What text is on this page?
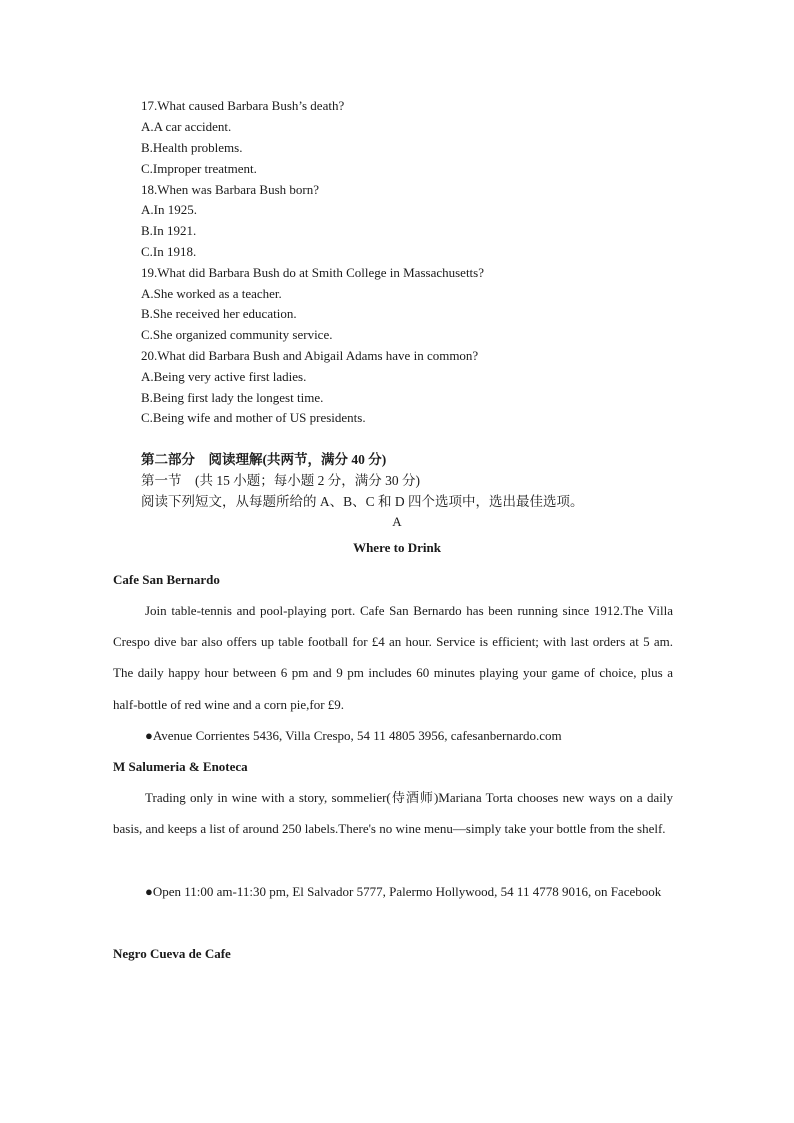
17.What caused Barbara Bush’s death?
A.A car accident.
B.Health problems.
C.Improper treatment.
18.When was Barbara Bush born?
A.In 1925.
B.In 1921.
C.In 1918.
19.What did Barbara Bush do at Smith College in Massachusetts?
A.She worked as a teacher.
B.She received her education.
C.She organized community service.
20.What did Barbara Bush and Abigail Adams have in common?
A.Being very active first ladies.
B.Being first lady the longest time.
C.Being wife and mother of US presidents.
第二部分　阅读理解(共两节，满分 40 分)
第一节　(共 15 小题；每小题 2 分，满分 30 分)
阅读下列短文，从每题所给的 A、B、C 和 D 四个选项中，选出最佳选项。
A
Where to Drink
Cafe San Bernardo
Join table-tennis and pool-playing port. Cafe San Bernardo has been running since 1912.The Villa Crespo dive bar also offers up table football for £4 an hour. Service is efficient; with last orders at 5 am. The daily happy hour between 6 pm and 9 pm includes 60 minutes playing your game of choice, plus a half-bottle of red wine and a corn pie,for £9.
●Avenue Corrientes 5436, Villa Crespo, 54 11 4805 3956, cafesanbernardo.com
M Salumeria & Enoteca
Trading only in wine with a story, sommelier(侍酒师)Mariana Torta chooses new ways on a daily basis, and keeps a list of around 250 labels.There's no wine menu—simply take your bottle from the shelf.
●Open 11:00 am-11:30 pm, El Salvador 5777, Palermo Hollywood, 54 11 4778 9016, on Facebook
Negro Cueva de Cafe
